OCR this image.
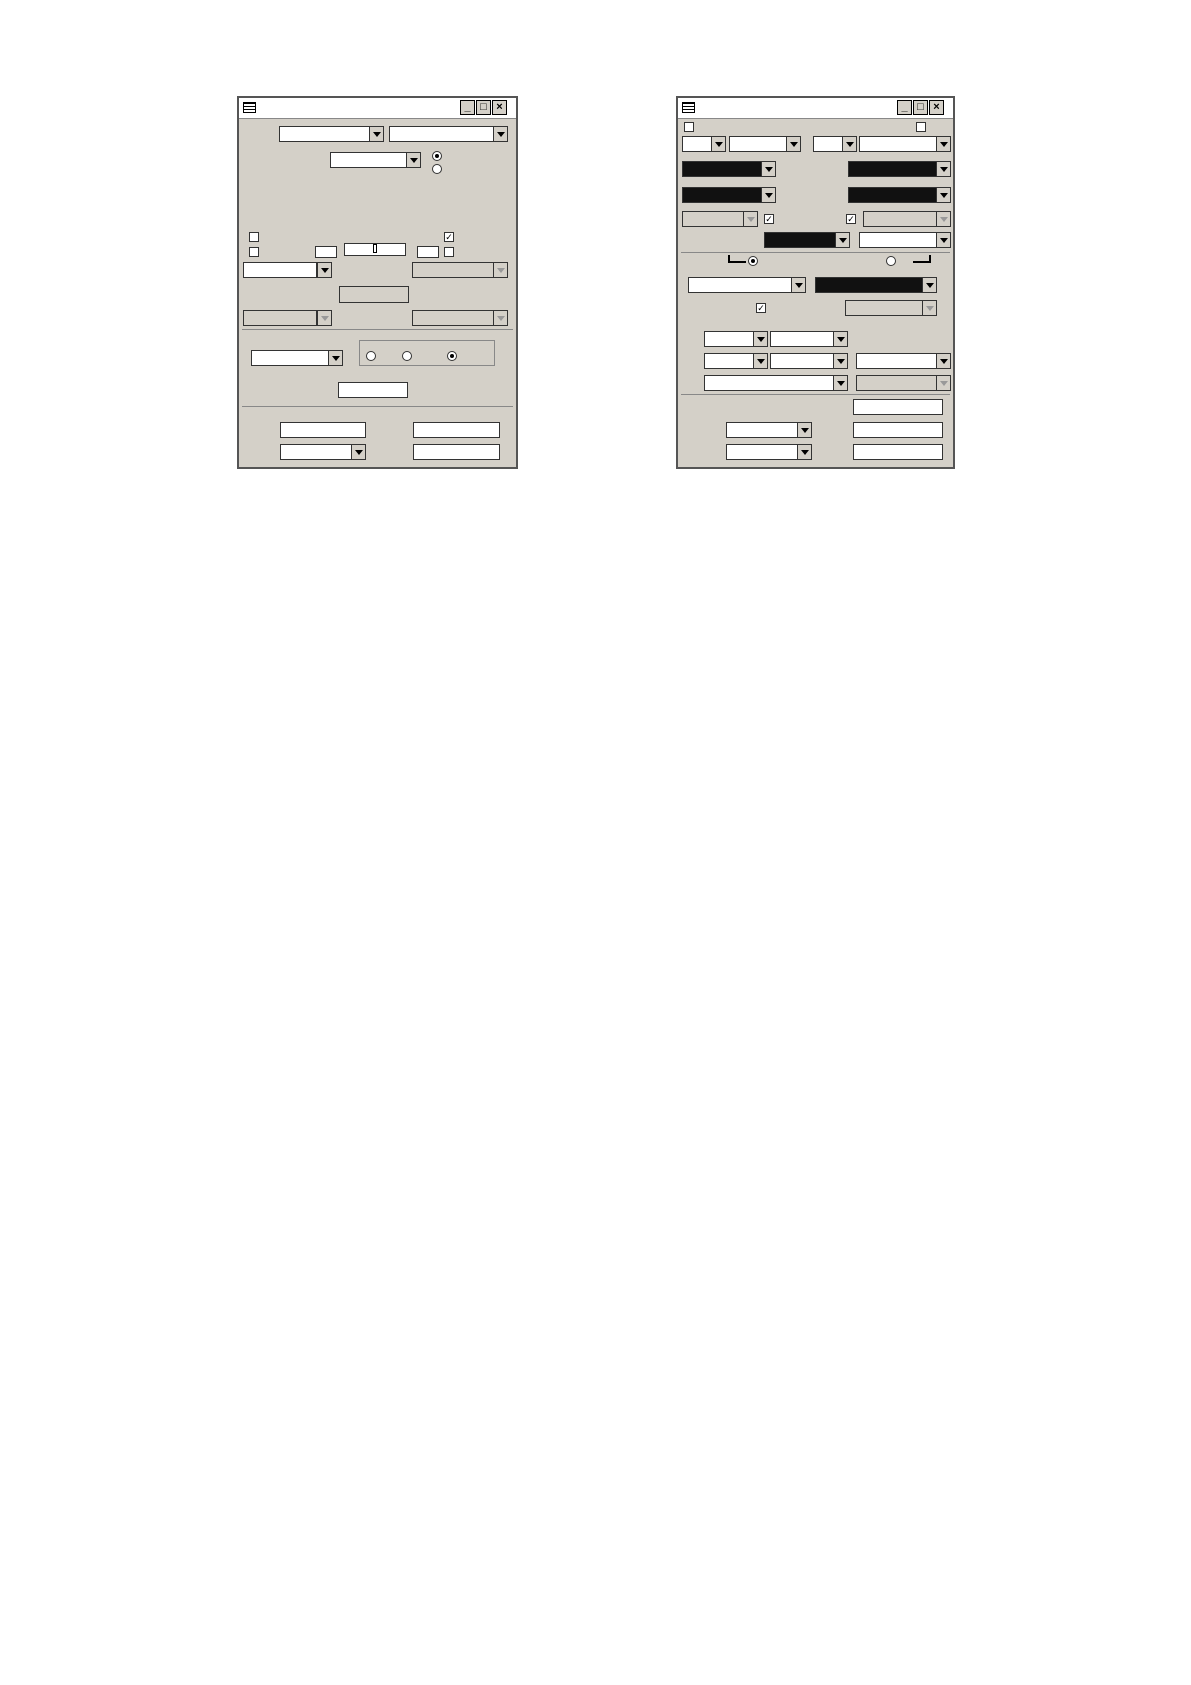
_ □ ×
✓
_ □ ×
✓	✓
✓
